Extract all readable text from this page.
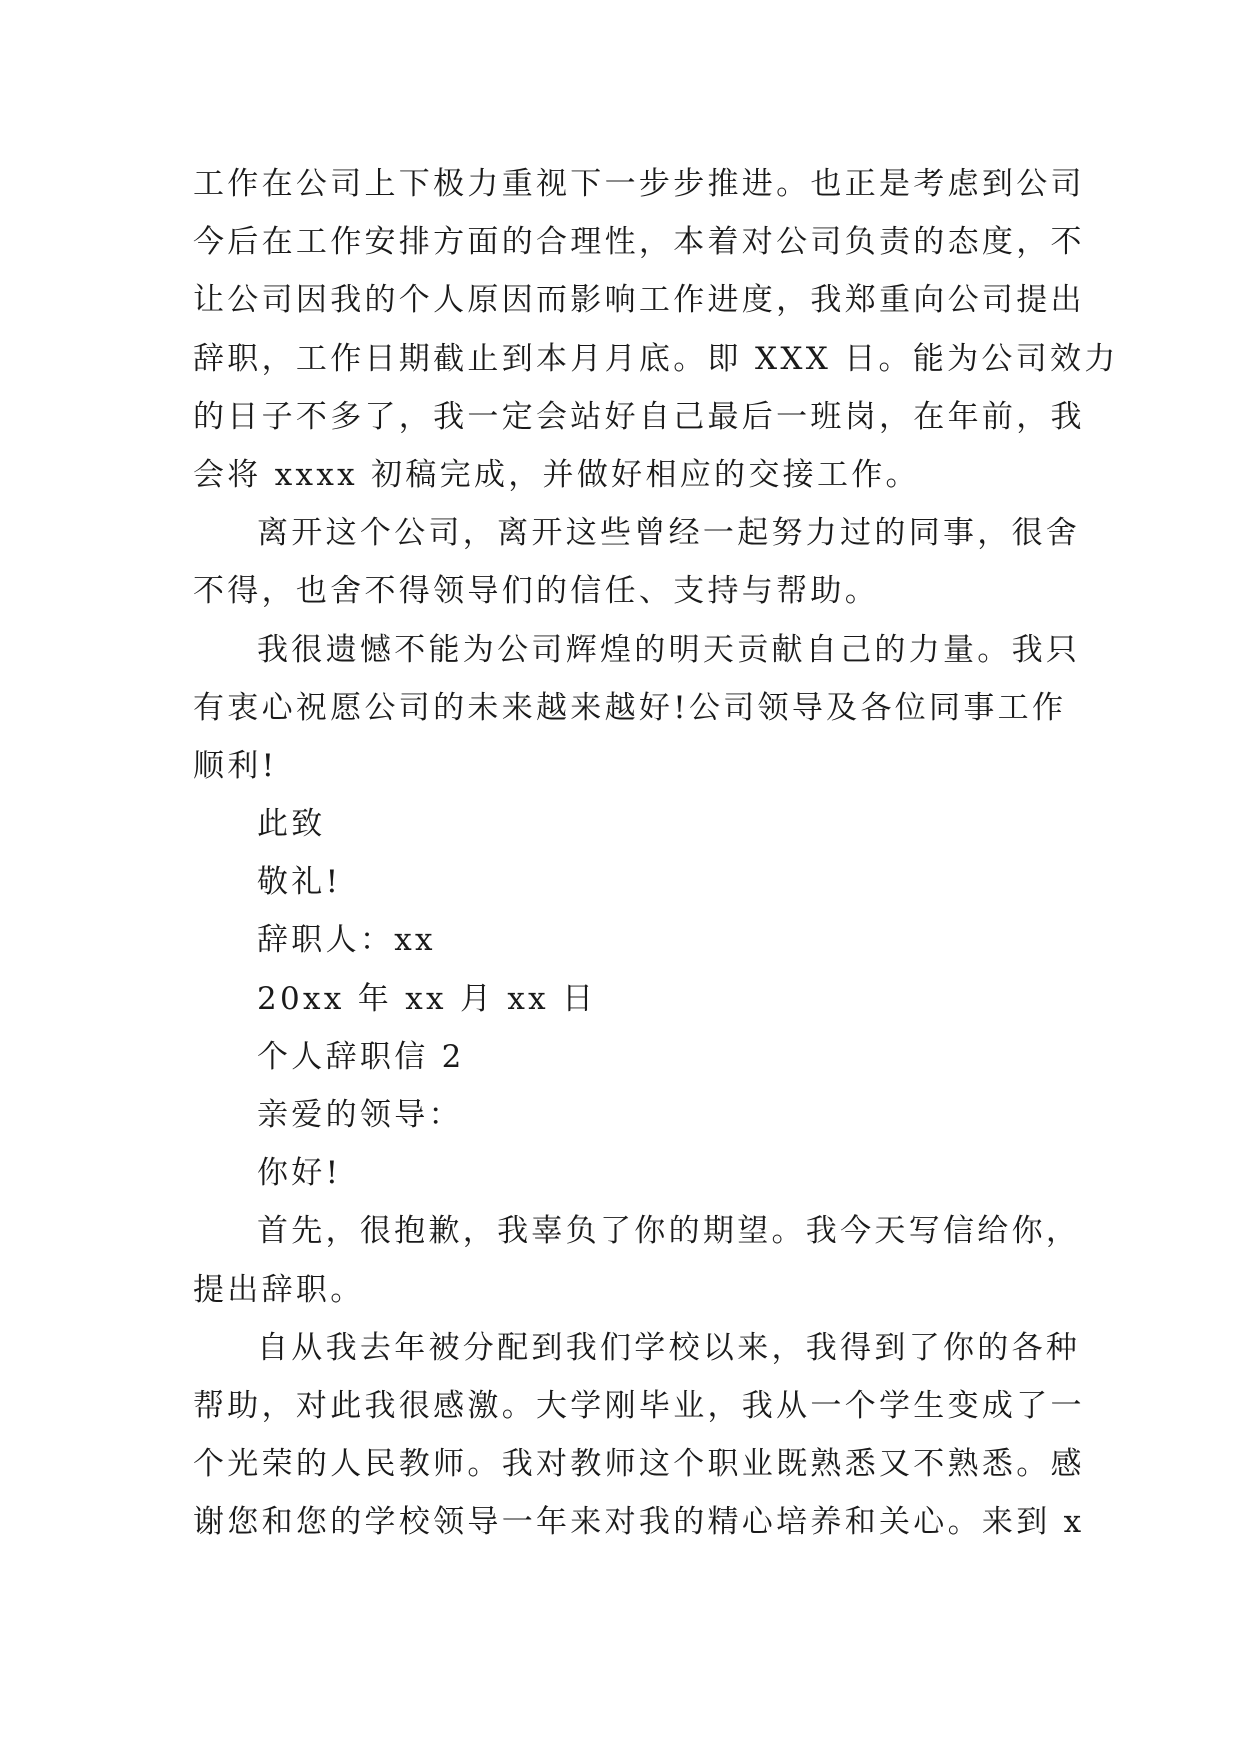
工作在公司上下极力重视下一步步推进。也正是考虑到公司
今后在工作安排方面的合理性，本着对公司负责的态度，不
让公司因我的个人原因而影响工作进度，我郑重向公司提出
辞职，工作日期截止到本月月底。即 XXX 日。能为公司效力
的日子不多了，我一定会站好自己最后一班岗，在年前，我
会将 xxxx 初稿完成，并做好相应的交接工作。
离开这个公司，离开这些曾经一起努力过的同事，很舍
不得，也舍不得领导们的信任、支持与帮助。
我很遗憾不能为公司辉煌的明天贡献自己的力量。我只
有衷心祝愿公司的未来越来越好!公司领导及各位同事工作
顺利!
此致
敬礼!
辞职人：xx
20xx 年 xx 月 xx 日
个人辞职信 2
亲爱的领导：
你好!
首先，很抱歉，我辜负了你的期望。我今天写信给你，
提出辞职。
自从我去年被分配到我们学校以来，我得到了你的各种
帮助，对此我很感激。大学刚毕业，我从一个学生变成了一
个光荣的人民教师。我对教师这个职业既熟悉又不熟悉。感
谢您和您的学校领导一年来对我的精心培养和关心。来到 x
